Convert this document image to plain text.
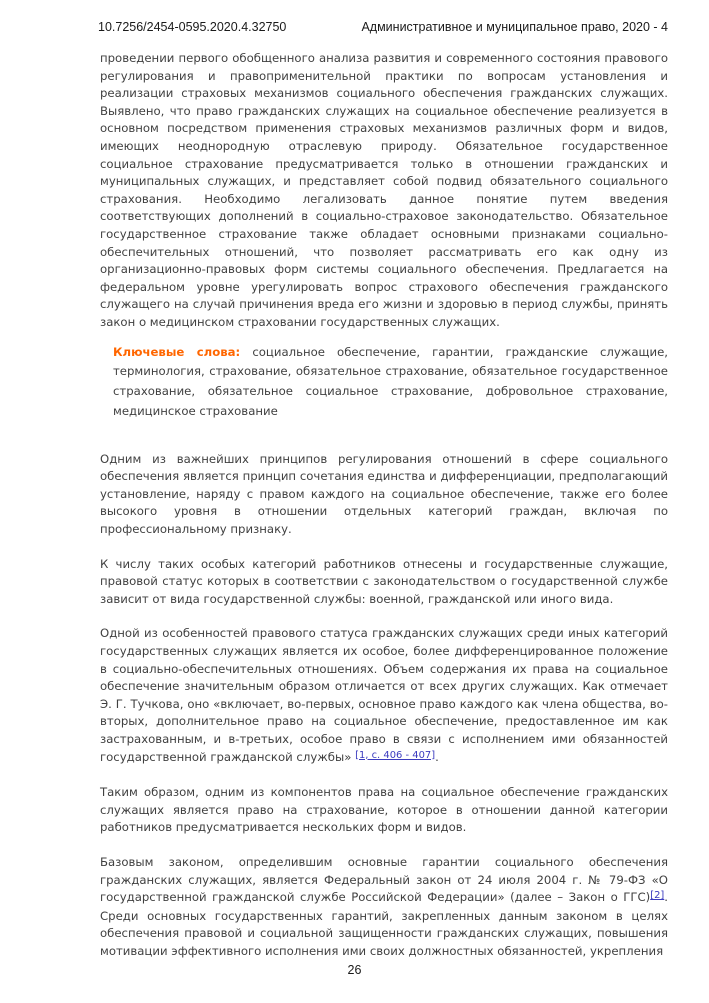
10.7256/2454-0595.2020.4.32750	Административное и муниципальное право, 2020 - 4

проведении первого обобщенного анализа развития и современного состояния правового регулирования и правоприменительной практики по вопросам установления и реализации страховых механизмов социального обеспечения гражданских служащих. Выявлено, что право гражданских служащих на социальное обеспечение реализуется в основном посредством применения страховых механизмов различных форм и видов, имеющих неоднородную отраслевую природу. Обязательное государственное социальное страхование предусматривается только в отношении гражданских и муниципальных служащих, и представляет собой подвид обязательного социального страхования. Необходимо легализовать данное понятие путем введения соответствующих дополнений в социально-страховое законодательство. Обязательное государственное страхование также обладает основными признаками социально-обеспечительных отношений, что позволяет рассматривать его как одну из организационно-правовых форм системы социального обеспечения. Предлагается на федеральном уровне урегулировать вопрос страхового обеспечения гражданского служащего на случай причинения вреда его жизни и здоровью в период службы, принять закон о медицинском страховании государственных служащих.

Ключевые слова: социальное обеспечение, гарантии, гражданские служащие, терминология, страхование, обязательное страхование, обязательное государственное страхование, обязательное социальное страхование, добровольное страхование, медицинское страхование

Одним из важнейших принципов регулирования отношений в сфере социального обеспечения является принцип сочетания единства и дифференциации, предполагающий установление, наряду с правом каждого на социальное обеспечение, также его более высокого уровня в отношении отдельных категорий граждан, включая по профессиональному признаку.

К числу таких особых категорий работников отнесены и государственные служащие, правовой статус которых в соответствии с законодательством о государственной службе зависит от вида государственной службы: военной, гражданской или иного вида.

Одной из особенностей правового статуса гражданских служащих среди иных категорий государственных служащих является их особое, более дифференцированное положение в социально-обеспечительных отношениях. Объем содержания их права на социальное обеспечение значительным образом отличается от всех других служащих. Как отмечает Э. Г. Тучкова, оно «включает, во-первых, основное право каждого как члена общества, во-вторых, дополнительное право на социальное обеспечение, предоставленное им как застрахованным, и в-третьих, особое право в связи с исполнением ими обязанностей государственной гражданской службы» [1, с. 406 - 407].

Таким образом, одним из компонентов права на социальное обеспечение гражданских служащих является право на страхование, которое в отношении данной категории работников предусматривается нескольких форм и видов.

Базовым законом, определившим основные гарантии социального обеспечения гражданских служащих, является Федеральный закон от 24 июля 2004 г. № 79-ФЗ «О государственной гражданской службе Российской Федерации» (далее – Закон о ГГС)[2]. Среди основных государственных гарантий, закрепленных данным законом в целях обеспечения правовой и социальной защищенности гражданских служащих, повышения мотивации эффективного исполнения ими своих должностных обязанностей, укрепления

26
